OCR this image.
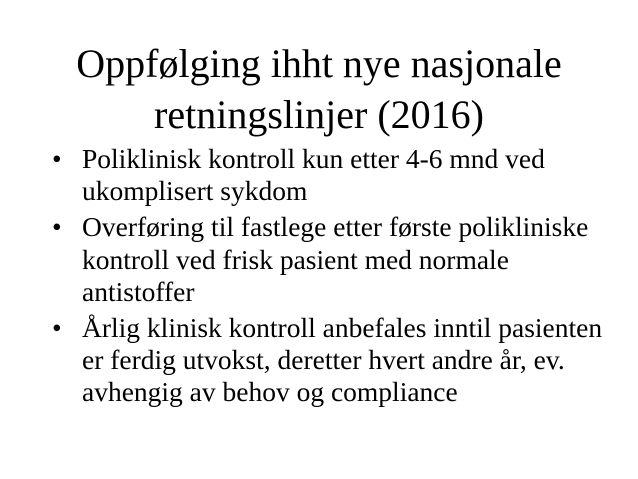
Oppfølging ihht nye nasjonale retningslinjer (2016)
• Poliklinisk kontroll kun etter 4-6 mnd ved ukomplisert sykdom
• Overføring til fastlege etter første polikliniske kontroll ved frisk pasient med normale antistoffer
• Årlig klinisk kontroll anbefales inntil pasienten er ferdig utvokst, deretter hvert andre år, ev. avhengig av behov og compliance
